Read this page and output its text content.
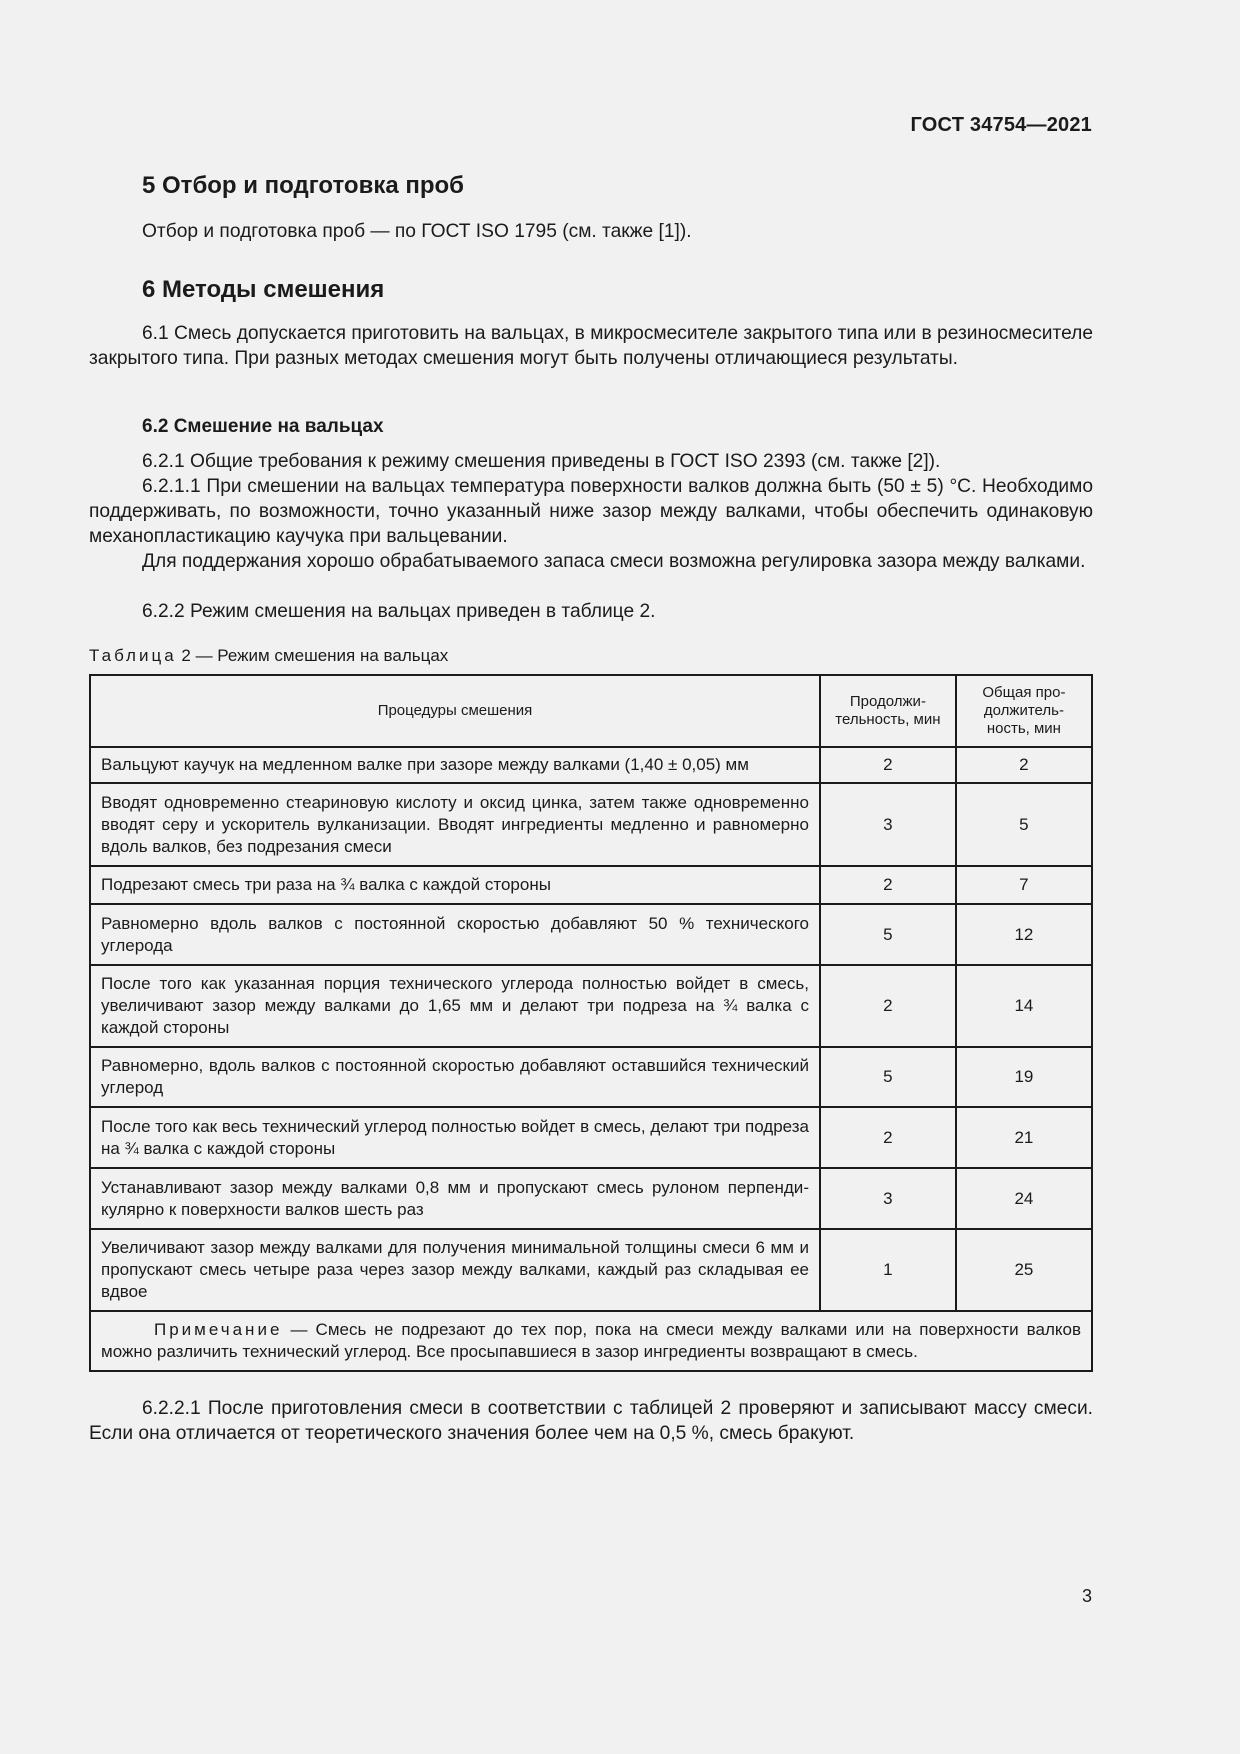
ГОСТ 34754—2021
5 Отбор и подготовка проб

Отбор и подготовка проб — по ГОСТ ISO 1795 (см. также [1]).

6 Методы смешения

6.1 Смесь допускается приготовить на вальцах, в микросмесителе закрытого типа или в резиносмесителе закрытого типа. При разных методах смешения могут быть получены отличающиеся результаты.

6.2 Смешение на вальцах

6.2.1 Общие требования к режиму смешения приведены в ГОСТ ISO 2393 (см. также [2]).

6.2.1.1 При смешении на вальцах температура поверхности валков должна быть (50 ± 5) °С. Необходимо поддерживать, по возможности, точно указанный ниже зазор между валками, чтобы обеспечить одинаковую механопластикацию каучука при вальцевании.

Для поддержания хорошо обрабатываемого запаса смеси возможна регулировка зазора между валками.

6.2.2 Режим смешения на вальцах приведен в таблице 2.

Таблица 2 — Режим смешения на вальцах

Процедуры смешения	Продолжительность, мин	Общая продолжительность, мин
Вальцуют каучук на медленном валке при зазоре между валками (1,40 ± 0,05) мм	2	2
Вводят одновременно стеариновую кислоту и оксид цинка, затем также одновременно вводят серу и ускоритель вулканизации. Вводят ингредиенты медленно и равномерно вдоль валков, без подрезания смеси	3	5
Подрезают смесь три раза на ¾ валка с каждой стороны	2	7
Равномерно вдоль валков с постоянной скоростью добавляют 50 % технического углерода	5	12
После того как указанная порция технического углерода полностью войдет в смесь, увеличивают зазор между валками до 1,65 мм и делают три подреза на ¾ валка с каждой стороны	2	14
Равномерно, вдоль валков с постоянной скоростью добавляют оставшийся технический углерод	5	19
После того как весь технический углерод полностью войдет в смесь, делают три подреза на ¾ валка с каждой стороны	2	21
Устанавливают зазор между валками 0,8 мм и пропускают смесь рулоном перпендикулярно к поверхности валков шесть раз	3	24
Увеличивают зазор между валками для получения минимальной толщины смеси 6 мм и пропускают смесь четыре раза через зазор между валками, каждый раз складывая ее вдвое	1	25
Примечание — Смесь не подрезают до тех пор, пока на смеси между валками или на поверхности валков можно различить технический углерод. Все просыпавшиеся в зазор ингредиенты возвращают в смесь.		

6.2.2.1 После приготовления смеси в соответствии с таблицей 2 проверяют и записывают массу смеси. Если она отличается от теоретического значения более чем на 0,5 %, смесь бракуют.

3
